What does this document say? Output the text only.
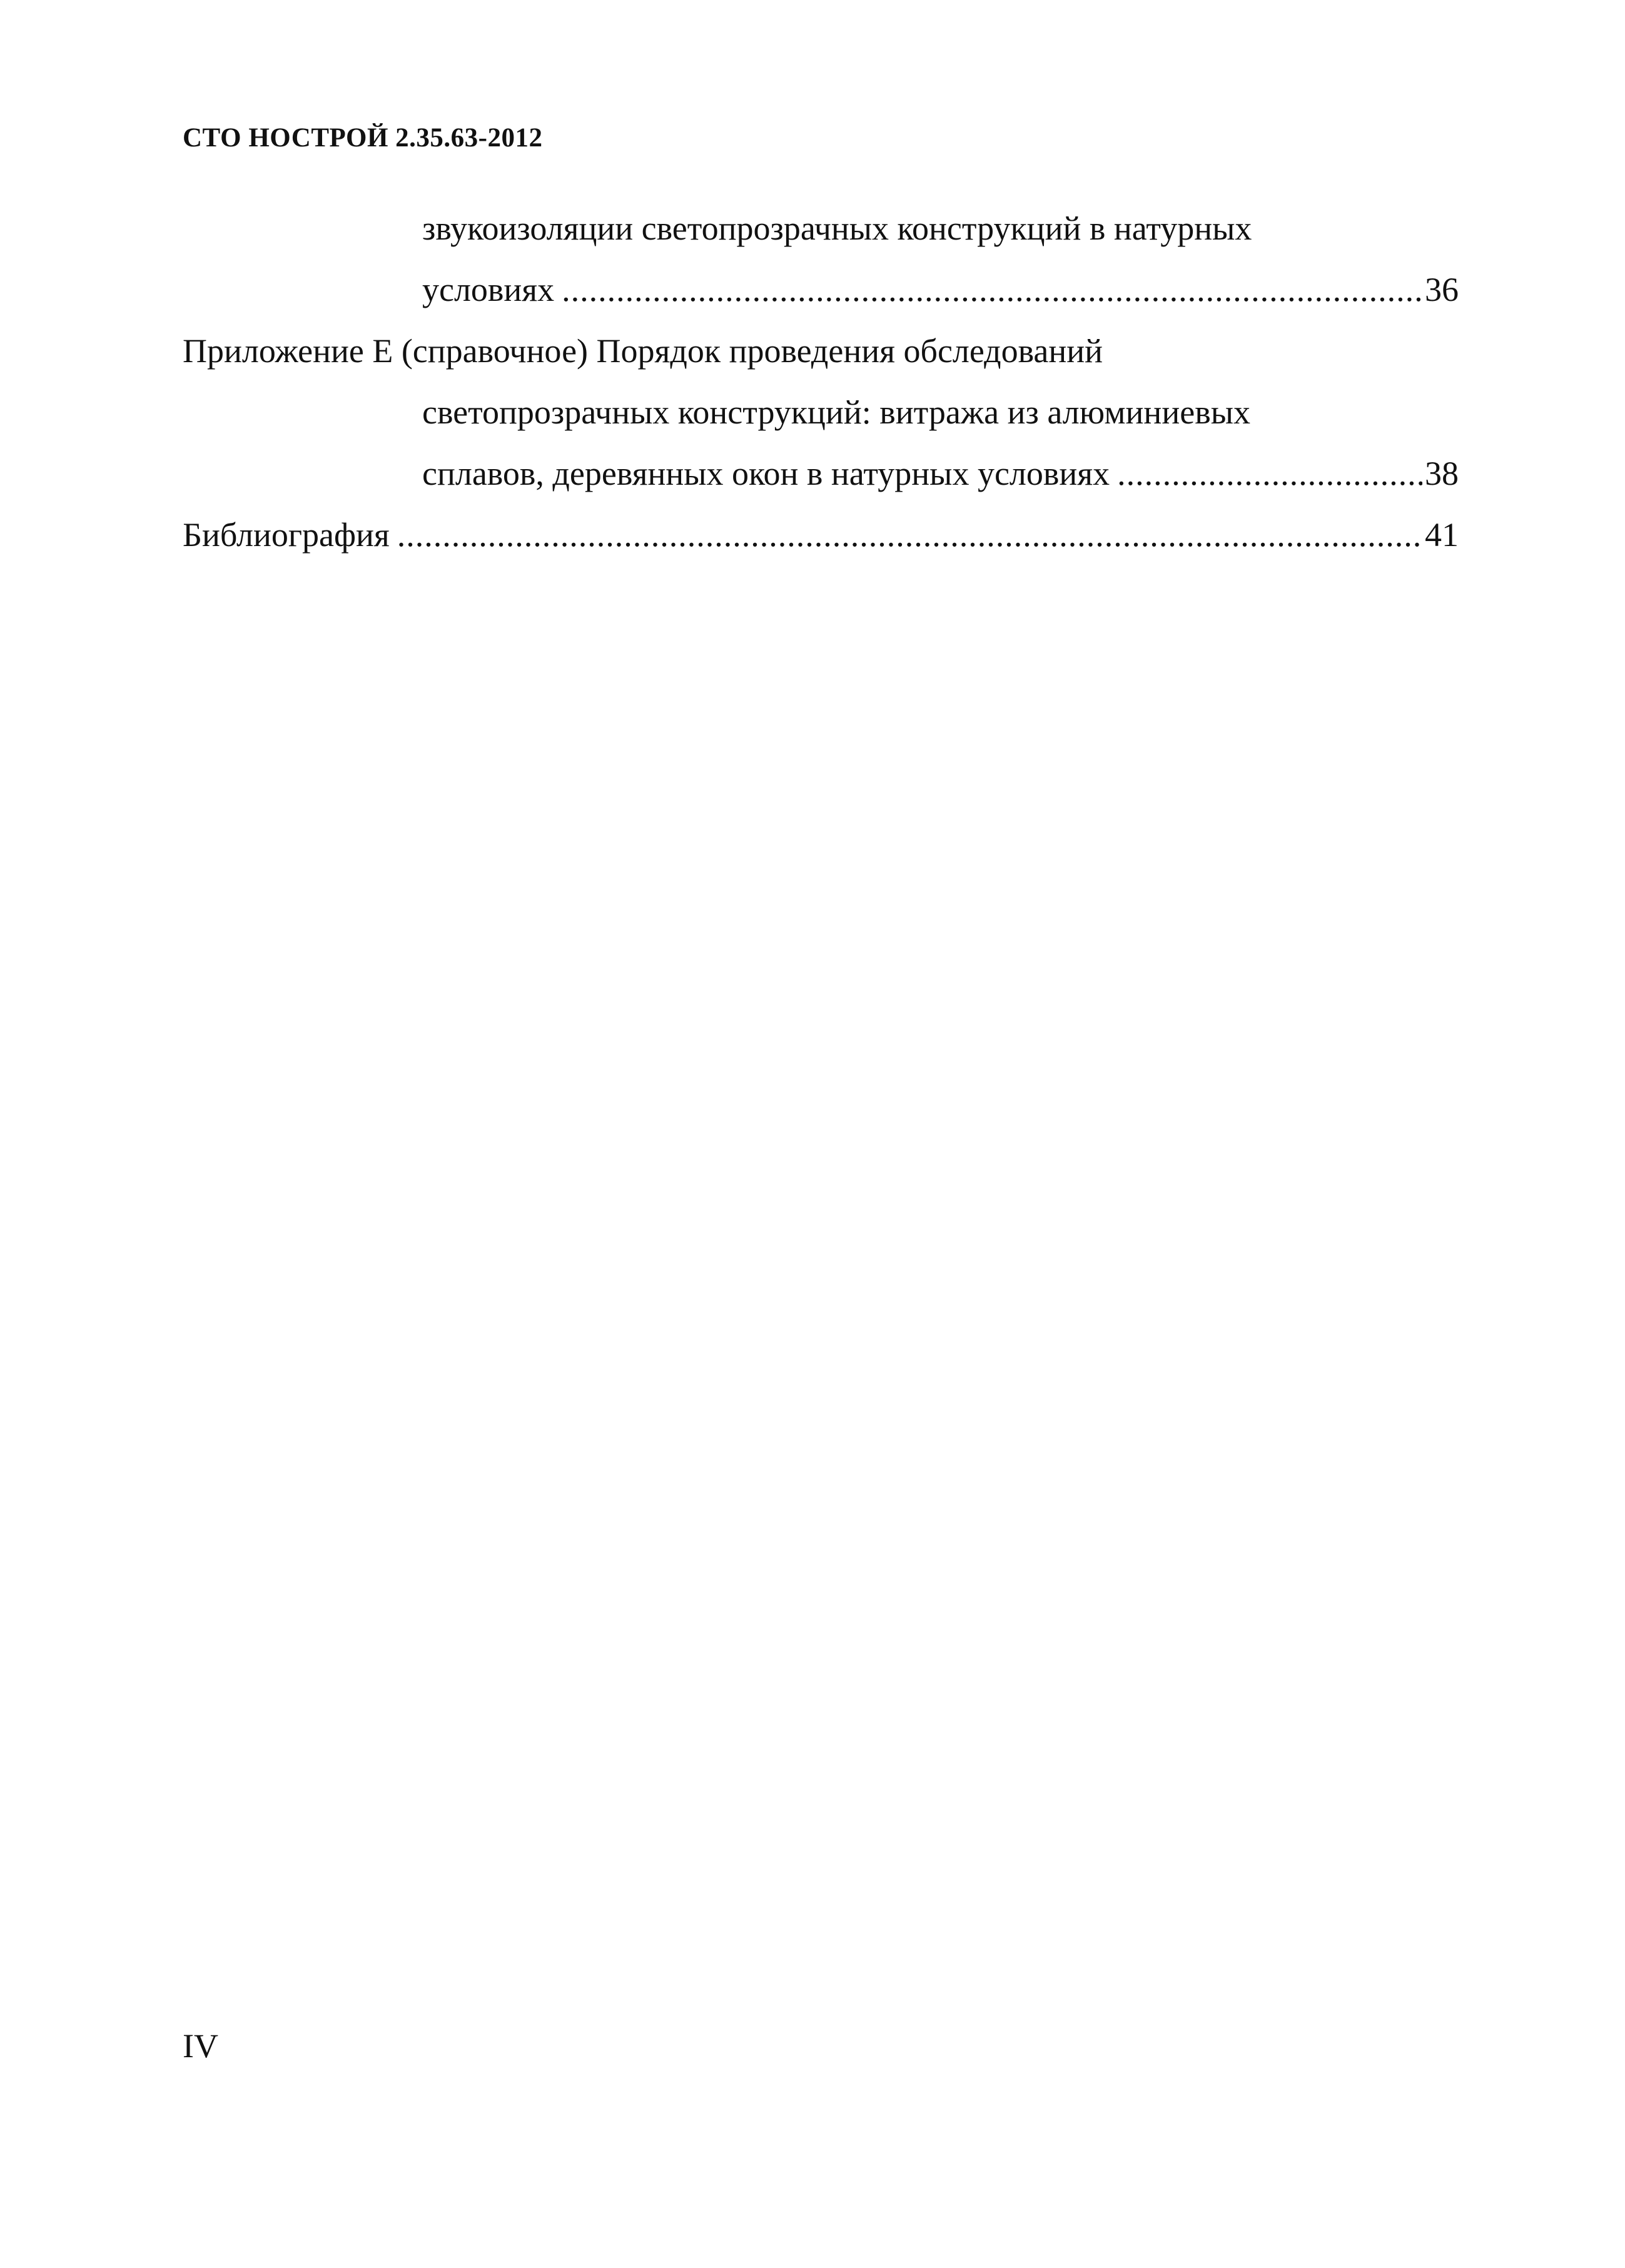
СТО НОСТРОЙ 2.35.63-2012
звукоизоляции светопрозрачных конструкций в натурных
условиях .....	36
Приложение Е (справочное) Порядок проведения обследований
светопрозрачных конструкций: витража из алюминиевых
сплавов, деревянных окон в натурных условиях .....	38
Библиография .....	41
IV
